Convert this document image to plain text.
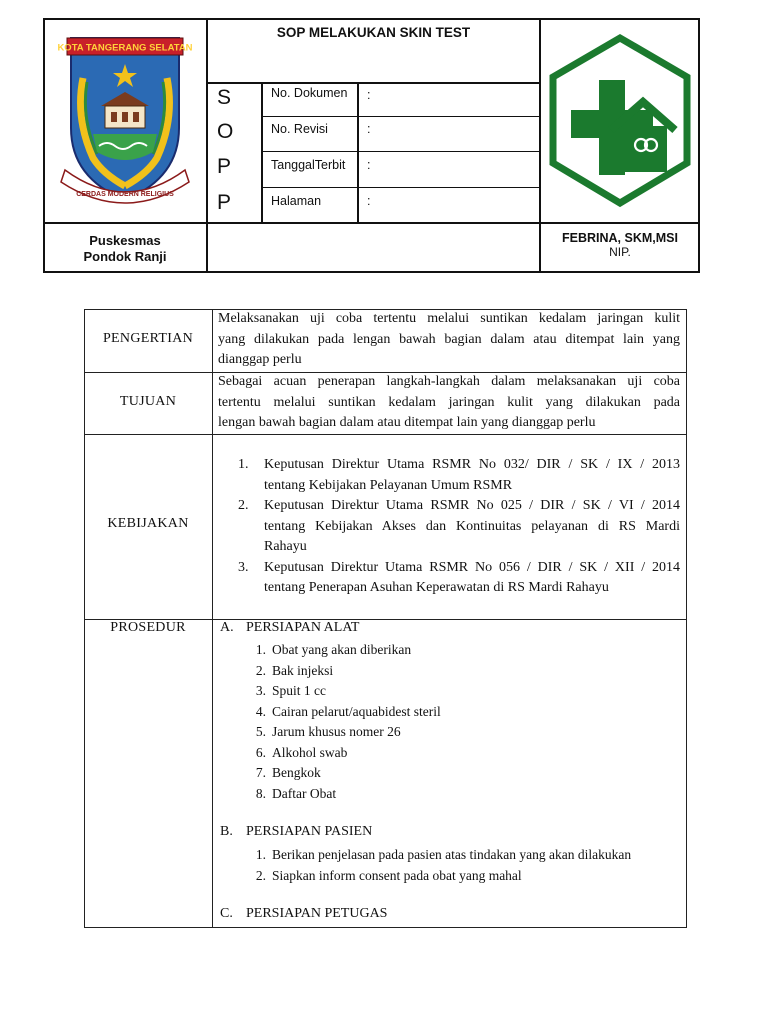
KOTA TANGERANG SELATAN
CERDAS MODERN RELIGIUS
SOP MELAKUKAN SKIN TEST
S
O
P
P
No. Dokumen :
No. Revisi	:
TanggalTerbit :
Halaman	:
Puskesmas
Pondok Ranji
FEBRINA, SKM,MSI
NIP.
PENGERTIAN
Melaksanakan uji coba tertentu melalui suntikan kedalam jaringan kulit
yang dilakukan pada lengan bawah bagian dalam atau ditempat lain yang
dianggap perlu
TUJUAN
Sebagai acuan penerapan langkah-langkah dalam melaksanakan uji coba
tertentu melalui suntikan kedalam jaringan kulit yang dilakukan pada
lengan bawah bagian dalam atau ditempat lain yang dianggap perlu
KEBIJAKAN
1. Keputusan Direktur Utama RSMR No 032/ DIR / SK / IX / 2013
tentang Kebijakan Pelayanan Umum RSMR
2. Keputusan Direktur Utama RSMR No 025 / DIR / SK / VI / 2014
tentang Kebijakan Akses dan Kontinuitas pelayanan di RS Mardi
Rahayu
3. Keputusan Direktur Utama RSMR No 056 / DIR / SK / XII / 2014
tentang Penerapan Asuhan Keperawatan di RS Mardi Rahayu
PROSEDUR	A. PERSIAPAN ALAT
1. Obat yang akan diberikan
2. Bak injeksi
3. Spuit 1 cc
4. Cairan pelarut/aquabidest steril
5. Jarum khusus nomer 26
6. Alkohol swab
7. Bengkok
8. Daftar Obat
B. PERSIAPAN PASIEN
1. Berikan penjelasan pada pasien atas tindakan yang akan dilakukan
2. Siapkan inform consent pada obat yang mahal
C. PERSIAPAN PETUGAS
